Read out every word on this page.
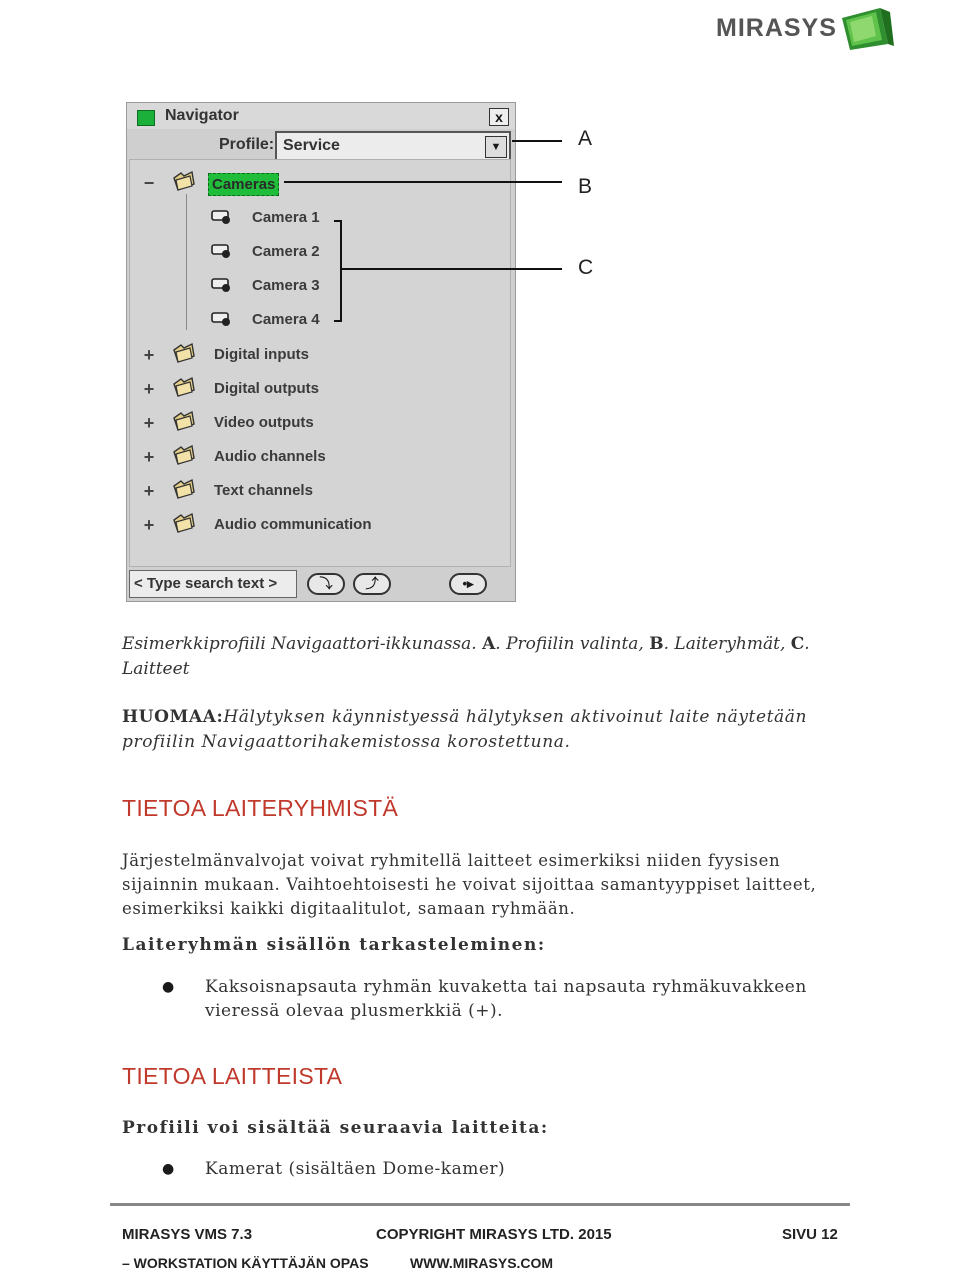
MIRASYS
Navigator	x
Profile: Service	▼
−	Cameras
Camera 1
Camera 2
Camera 3
Camera 4
+	Digital inputs
+	Digital outputs
+	Video outputs
+	Audio channels
+	Text channels
+	Audio communication
< Type search text >	⤵	⤴	•▸
A
B
C
Esimerkkiprofiili Navigaattori-ikkunassa. A. Profiilin valinta, B. Laiteryhmät, C. Laitteet
HUOMAA:Hälytyksen käynnistyessä hälytyksen aktivoinut laite näytetään profiilin Navigaattorihakemistossa korostettuna.
TIETOA LAITERYHMISTÄ
Järjestelmänvalvojat voivat ryhmitellä laitteet esimerkiksi niiden fyysisen sijainnin mukaan. Vaihtoehtoisesti he voivat sijoittaa samantyyppiset laitteet, esimerkiksi kaikki digitaalitulot, samaan ryhmään.
Laiteryhmän sisällön tarkasteleminen:
● Kaksoisnapsauta ryhmän kuvaketta tai napsauta ryhmäkuvakkeen vieressä olevaa plusmerkkiä (+).
TIETOA LAITTEISTA
Profiili voi sisältää seuraavia laitteita:
● Kamerat (sisältäen Dome-kamer)
MIRASYS VMS 7.3
– WORKSTATION KÄYTTÄJÄN OPAS
COPYRIGHT MIRASYS LTD. 2015
WWW.MIRASYS.COM
SIVU 12
